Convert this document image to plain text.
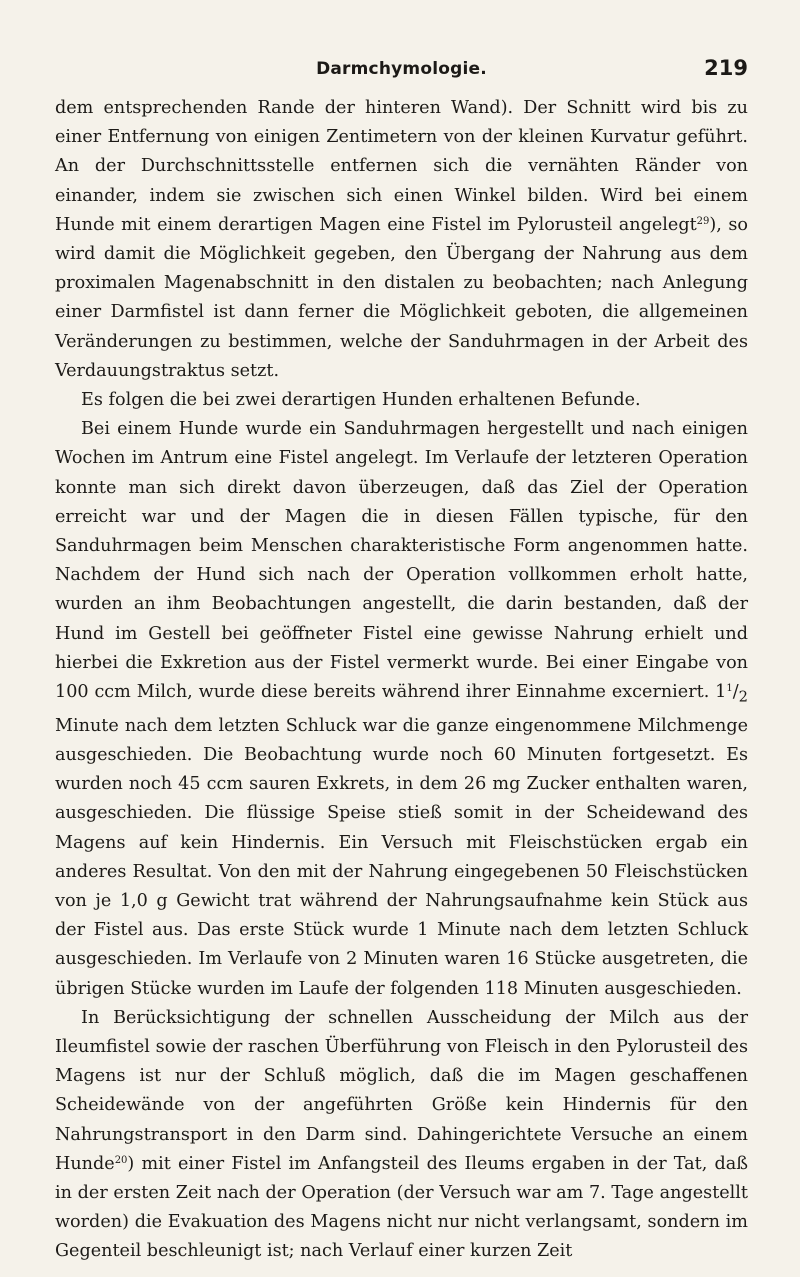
Darmchymologie.	219

dem entsprechenden Rande der hinteren Wand). Der Schnitt wird bis zu einer Entfernung von einigen Zentimetern von der kleinen Kurvatur geführt. An der Durchschnittsstelle entfernen sich die vernähten Ränder von einander, indem sie zwischen sich einen Winkel bilden. Wird bei einem Hunde mit einem derartigen Magen eine Fistel im Pylorusteil angelegt$^{29}$), so wird damit die Möglichkeit gegeben, den Übergang der Nahrung aus dem proximalen Magenabschnitt in den distalen zu beobachten; nach Anlegung einer Darmfistel ist dann ferner die Möglichkeit geboten, die allgemeinen Veränderungen zu bestimmen, welche der Sanduhrmagen in der Arbeit des Verdauungstraktus setzt.

Es folgen die bei zwei derartigen Hunden erhaltenen Befunde.

Bei einem Hunde wurde ein Sanduhrmagen hergestellt und nach einigen Wochen im Antrum eine Fistel angelegt. Im Verlaufe der letzteren Operation konnte man sich direkt davon überzeugen, daß das Ziel der Operation erreicht war und der Magen die in diesen Fällen typische, für den Sanduhrmagen beim Menschen charakteristische Form angenommen hatte. Nachdem der Hund sich nach der Operation vollkommen erholt hatte, wurden an ihm Beobachtungen angestellt, die darin bestanden, daß der Hund im Gestell bei geöffneter Fistel eine gewisse Nahrung erhielt und hierbei die Exkretion aus der Fistel vermerkt wurde. Bei einer Eingabe von 100 ccm Milch, wurde diese bereits während ihrer Einnahme excerniert. $1^1/_2$ Minute nach dem letzten Schluck war die ganze eingenommene Milchmenge ausgeschieden. Die Beobachtung wurde noch 60 Minuten fortgesetzt. Es wurden noch 45 ccm sauren Exkrets, in dem 26 mg Zucker enthalten waren, ausgeschieden. Die flüssige Speise stieß somit in der Scheidewand des Magens auf kein Hindernis. Ein Versuch mit Fleischstücken ergab ein anderes Resultat. Von den mit der Nahrung eingegebenen 50 Fleischstücken von je 1,0 g Gewicht trat während der Nahrungsaufnahme kein Stück aus der Fistel aus. Das erste Stück wurde 1 Minute nach dem letzten Schluck ausgeschieden. Im Verlaufe von 2 Minuten waren 16 Stücke ausgetreten, die übrigen Stücke wurden im Laufe der folgenden 118 Minuten ausgeschieden.

In Berücksichtigung der schnellen Ausscheidung der Milch aus der Ileumfistel sowie der raschen Überführung von Fleisch in den Pylorusteil des Magens ist nur der Schluß möglich, daß die im Magen geschaffenen Scheidewände von der angeführten Größe kein Hindernis für den Nahrungstransport in den Darm sind. Dahingerichtete Versuche an einem Hunde$^{20}$) mit einer Fistel im Anfangsteil des Ileums ergaben in der Tat, daß in der ersten Zeit nach der Operation (der Versuch war am 7. Tage angestellt worden) die Evakuation des Magens nicht nur nicht verlangsamt, sondern im Gegenteil beschleunigt ist; nach Verlauf einer kurzen Zeit
